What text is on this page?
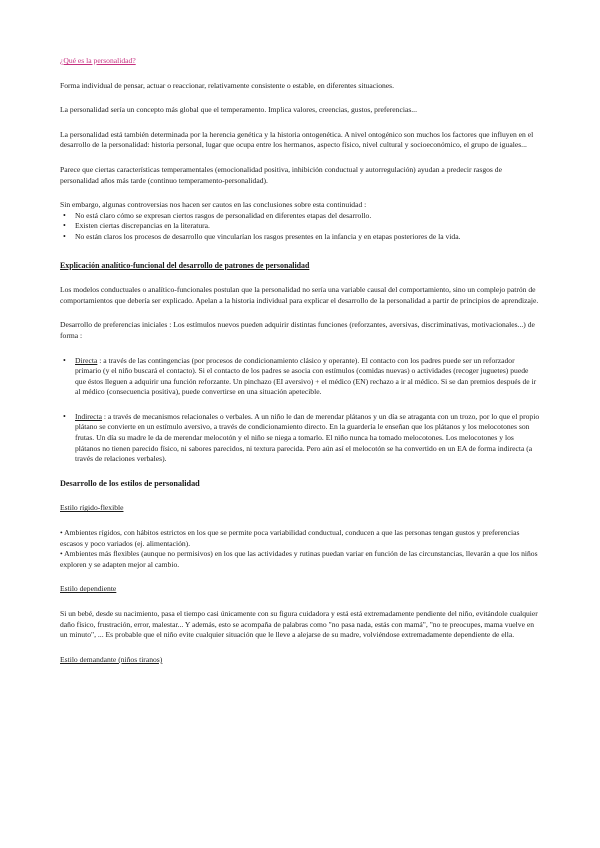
¿Qué es la personalidad?

Forma individual de pensar, actuar o reaccionar, relativamente consistente o estable, en diferentes situaciones.

La personalidad sería un concepto más global que el temperamento. Implica valores, creencias, gustos, preferencias...

La personalidad está también determinada por la herencia genética y la historia ontogenética. A nivel ontogénico son muchos los factores que influyen en el desarrollo de la personalidad: historia personal, lugar que ocupa entre los hermanos, aspecto físico, nivel cultural y socioeconómico, el grupo de iguales...

Parece que ciertas características temperamentales (emocionalidad positiva, inhibición conductual y autorregulación) ayudan a predecir rasgos de personalidad años más tarde (continuo temperamento-personalidad).

Sin embargo, algunas controversias nos hacen ser cautos en las conclusiones sobre esta continuidad :

• No está claro cómo se expresan ciertos rasgos de personalidad en diferentes etapas del desarrollo.
• Existen ciertas discrepancias en la literatura.
• No están claros los procesos de desarrollo que vincularían los rasgos presentes en la infancia y en etapas posteriores de la vida.

Explicación analítico-funcional del desarrollo de patrones de personalidad

Los modelos conductuales o analítico-funcionales postulan que la personalidad no sería una variable causal del comportamiento, sino un complejo patrón de comportamientos que debería ser explicado. Apelan a la historia individual para explicar el desarrollo de la personalidad a partir de principios de aprendizaje.

Desarrollo de preferencias iniciales : Los estímulos nuevos pueden adquirir distintas funciones (reforzantes, aversivas, discriminativas, motivacionales...) de forma :

• Directa : a través de las contingencias (por procesos de condicionamiento clásico y operante). El contacto con los padres puede ser un reforzador primario (y el niño buscará el contacto). Si el contacto de los padres se asocia con estímulos (comidas nuevas) o actividades (recoger juguetes) puede que éstos lleguen a adquirir una función reforzante. Un pinchazo (EI aversivo) + el médico (EN) rechazo a ir al médico. Si se dan premios después de ir al médico (consecuencia positiva), puede convertirse en una situación apetecible.

• Indirecta : a través de mecanismos relacionales o verbales. A un niño le dan de merendar plátanos y un día se atraganta con un trozo, por lo que el propio plátano se convierte en un estímulo aversivo, a través de condicionamiento directo. En la guardería le enseñan que los plátanos y los melocotones son frutas. Un día su madre le da de merendar melocotón y el niño se niega a tomarlo. El niño nunca ha tomado melocotones. Los melocotones y los plátanos no tienen parecido físico, ni sabores parecidos, ni textura parecida. Pero aún así el melocotón se ha convertido en un EA de forma indirecta (a través de relaciones verbales).

Desarrollo de los estilos de personalidad

Estilo rígido-flexible

• Ambientes rígidos, con hábitos estrictos en los que se permite poca variabilidad conductual, conducen a que las personas tengan gustos y preferencias escasos y poco variados (ej. alimentación).

• Ambientes más flexibles (aunque no permisivos) en los que las actividades y rutinas puedan variar en función de las circunstancias, llevarán a que los niños exploren y se adapten mejor al cambio.

Estilo dependiente

Si un bebé, desde su nacimiento, pasa el tiempo casi únicamente con su figura cuidadora y está está extremadamente pendiente del niño, evitándole cualquier daño físico, frustración, error, malestar... Y además, esto se acompaña de palabras como "no pasa nada, estás con mamá", "no te preocupes, mama vuelve en un minuto", ... Es probable que el niño evite cualquier situación que le lleve a alejarse de su madre, volviéndose extremadamente dependiente de ella.

Estilo demandante (niños tiranos)
